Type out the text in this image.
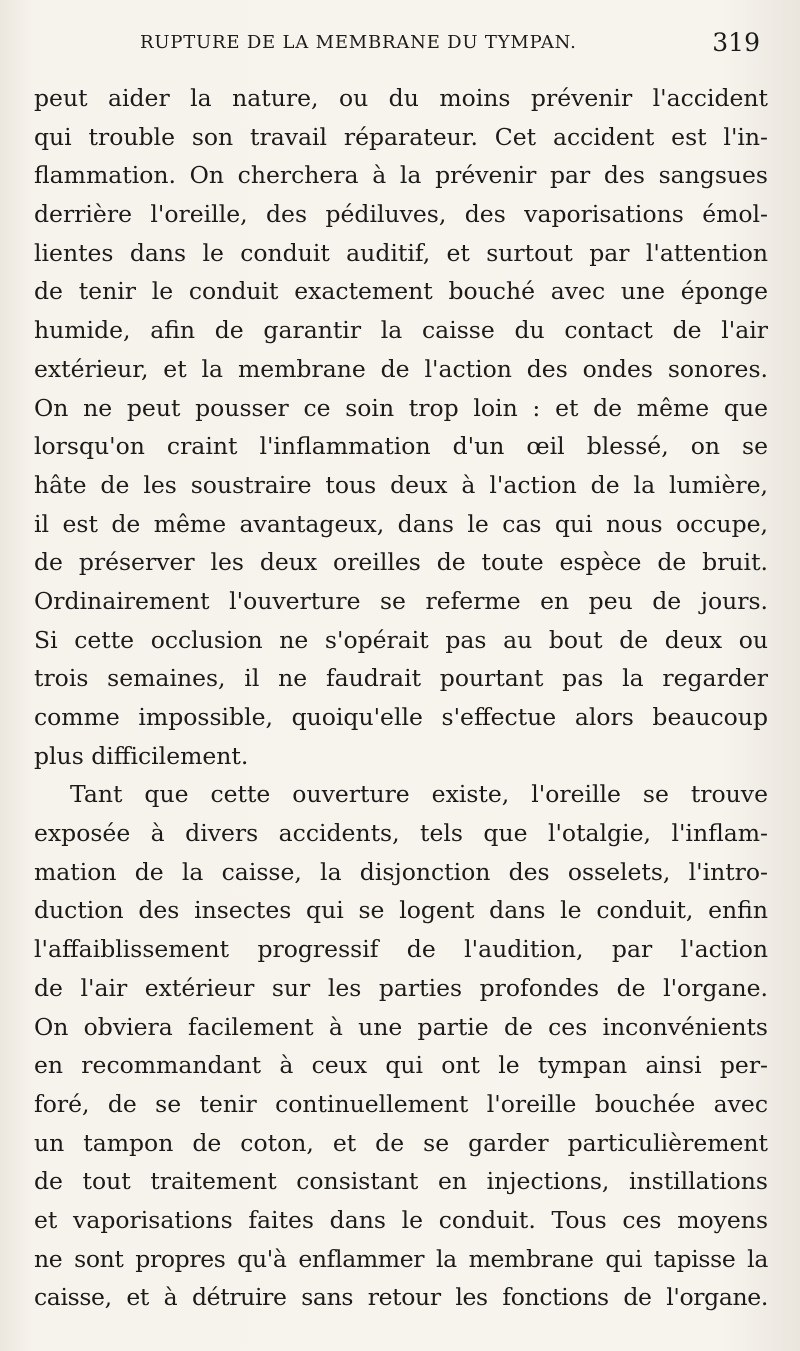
RUPTURE DE LA MEMBRANE DU TYMPAN.	319
peut aider la nature, ou du moins prévenir l'accident
qui trouble son travail réparateur. Cet accident est l'in-
flammation. On cherchera à la prévenir par des sangsues
derrière l'oreille, des pédiluves, des vaporisations émol-
lientes dans le conduit auditif, et surtout par l'attention
de tenir le conduit exactement bouché avec une éponge
humide, afin de garantir la caisse du contact de l'air
extérieur, et la membrane de l'action des ondes sonores.
On ne peut pousser ce soin trop loin : et de même que
lorsqu'on craint l'inflammation d'un œil blessé, on se
hâte de les soustraire tous deux à l'action de la lumière,
il est de même avantageux, dans le cas qui nous occupe,
de préserver les deux oreilles de toute espèce de bruit.
Ordinairement l'ouverture se referme en peu de jours.
Si cette occlusion ne s'opérait pas au bout de deux ou
trois semaines, il ne faudrait pourtant pas la regarder
comme impossible, quoiqu'elle s'effectue alors beaucoup
plus difficilement.
Tant que cette ouverture existe, l'oreille se trouve
exposée à divers accidents, tels que l'otalgie, l'inflam-
mation de la caisse, la disjonction des osselets, l'intro-
duction des insectes qui se logent dans le conduit, enfin
l'affaiblissement progressif de l'audition, par l'action
de l'air extérieur sur les parties profondes de l'organe.
On obviera facilement à une partie de ces inconvénients
en recommandant à ceux qui ont le tympan ainsi per-
foré, de se tenir continuellement l'oreille bouchée avec
un tampon de coton, et de se garder particulièrement
de tout traitement consistant en injections, instillations
et vaporisations faites dans le conduit. Tous ces moyens
ne sont propres qu'à enflammer la membrane qui tapisse la
caisse, et à détruire sans retour les fonctions de l'organe.
